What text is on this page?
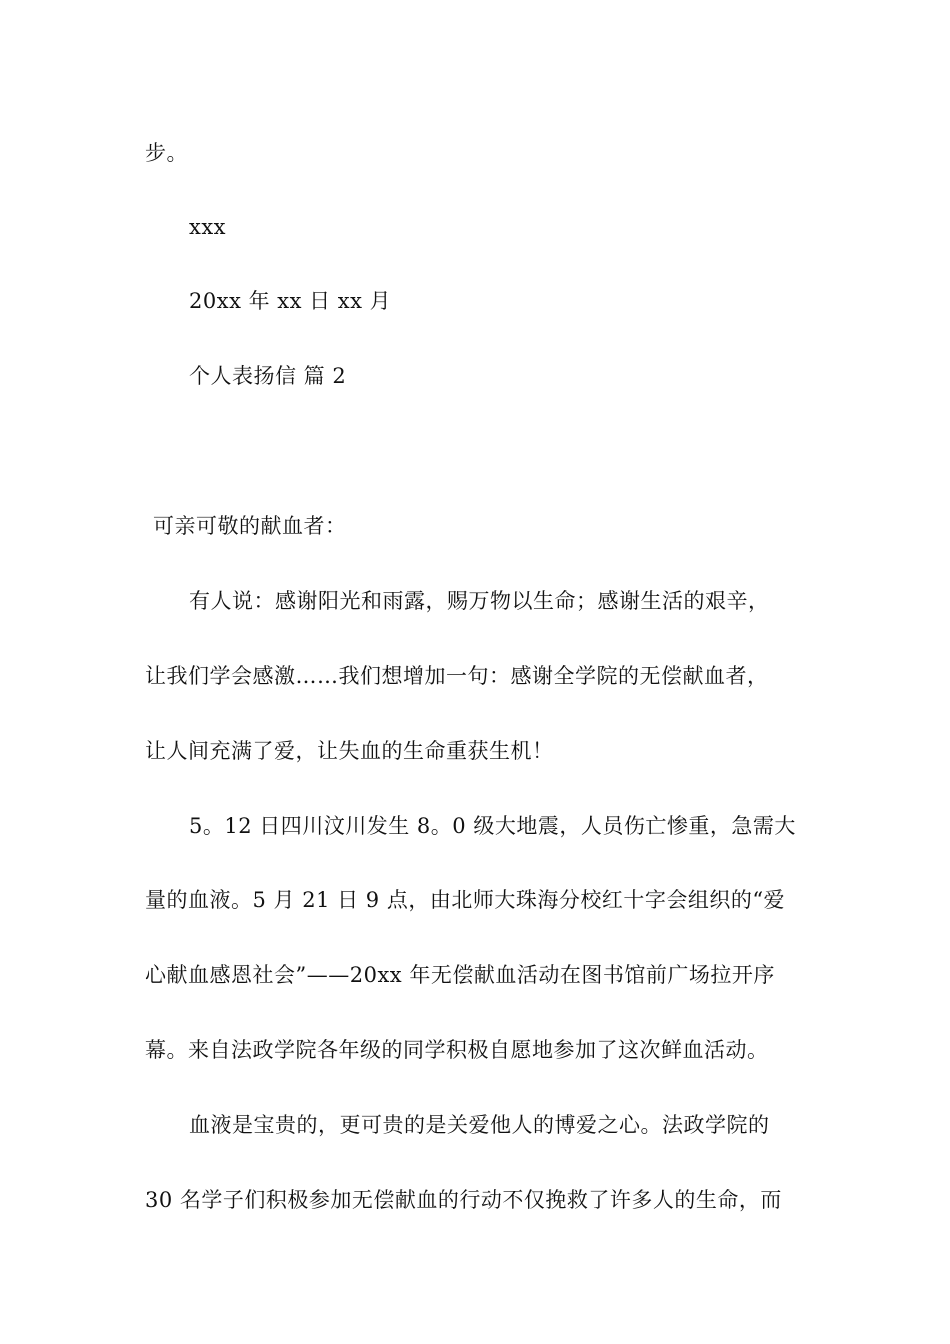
步。
xxx
20xx 年 xx 日 xx 月
个人表扬信 篇 2
可亲可敬的献血者：
有人说：感谢阳光和雨露，赐万物以生命；感谢生活的艰辛，
让我们学会感激……我们想增加一句：感谢全学院的无偿献血者，
让人间充满了爱，让失血的生命重获生机！
5。12 日四川汶川发生 8。0 级大地震，人员伤亡惨重，急需大
量的血液。5 月 21 日 9 点，由北师大珠海分校红十字会组织的“爱
心献血感恩社会”——20xx 年无偿献血活动在图书馆前广场拉开序
幕。来自法政学院各年级的同学积极自愿地参加了这次鲜血活动。
血液是宝贵的，更可贵的是关爱他人的博爱之心。法政学院的
30 名学子们积极参加无偿献血的行动不仅挽救了许多人的生命，而
